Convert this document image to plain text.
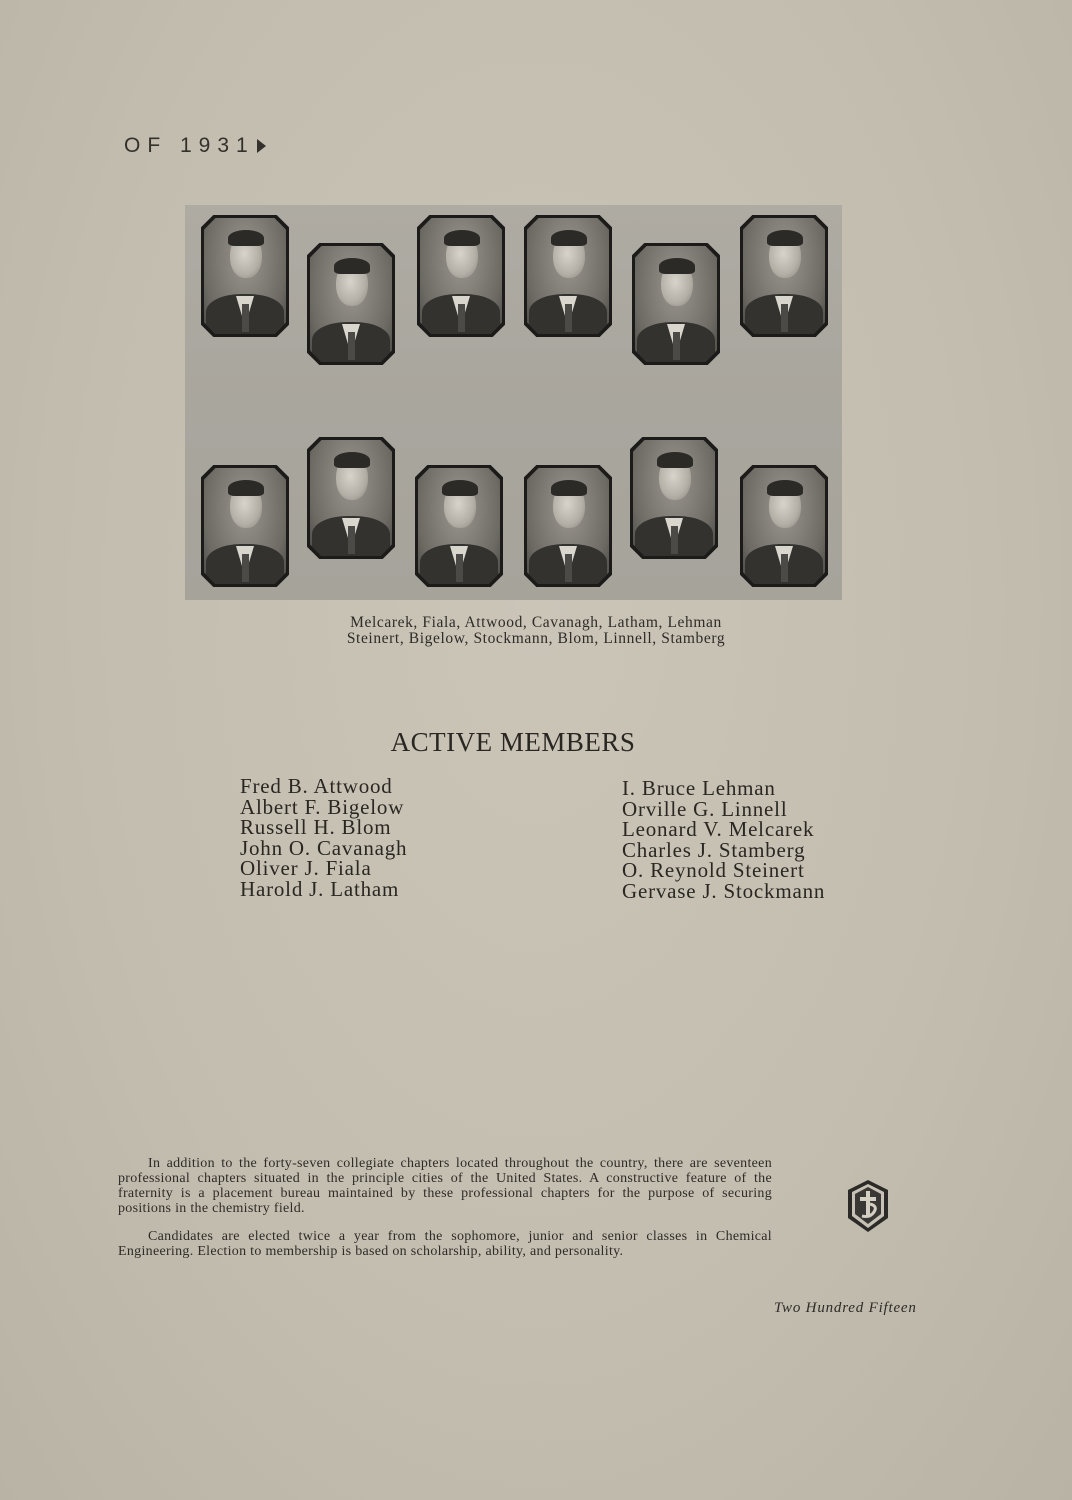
OF 1931
Melcarek, Fiala, Attwood, Cavanagh, Latham, Lehman
Steinert, Bigelow, Stockmann, Blom, Linnell, Stamberg
ACTIVE MEMBERS
Fred B. Attwood
Albert F. Bigelow
Russell H. Blom
John O. Cavanagh
Oliver J. Fiala
Harold J. Latham
I. Bruce Lehman
Orville G. Linnell
Leonard V. Melcarek
Charles J. Stamberg
O. Reynold Steinert
Gervase J. Stockmann

In addition to the forty-seven collegiate chapters located throughout the country, there are seventeen professional chapters situated in the principle cities of the United States. A constructive feature of the fraternity is a placement bureau maintained by these professional chapters for the purpose of securing positions in the chemistry field.

Candidates are elected twice a year from the sophomore, junior and senior classes in Chemical Engineering. Election to membership is based on scholarship, ability, and personality.

Two Hundred Fifteen
